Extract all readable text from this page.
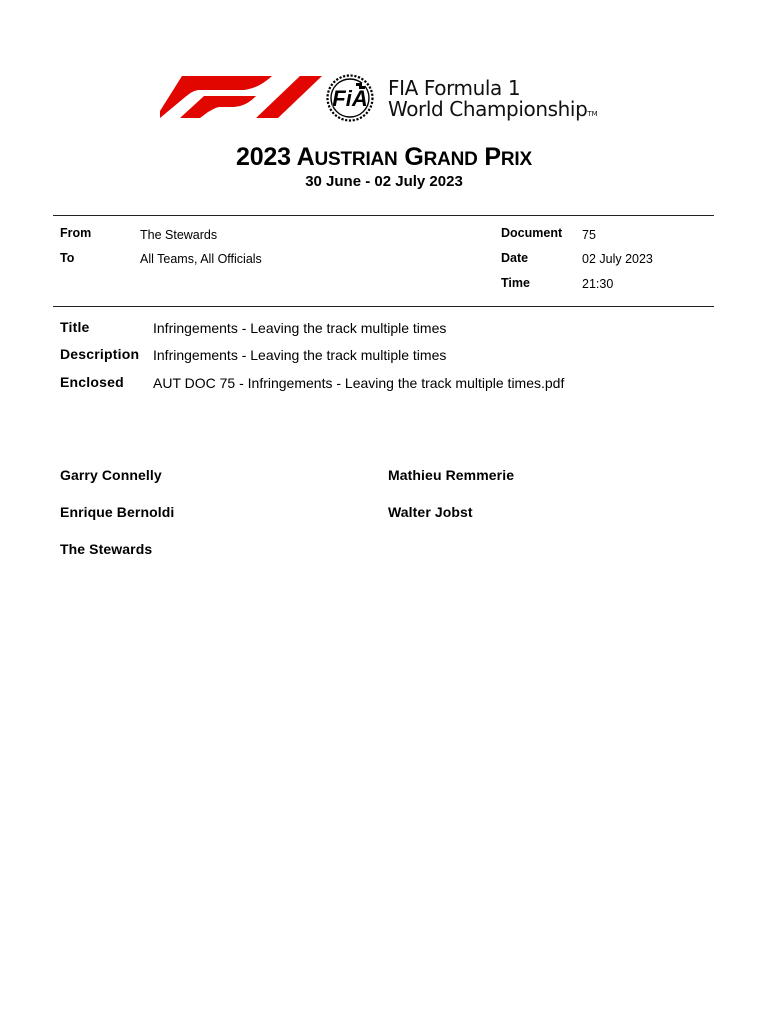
FiA FIA Formula 1
World ChampionshipTM
2023 AUSTRIAN GRAND PRIX
30 June - 02 July 2023
From	The Stewards
To	All Teams, All Officials
Document 75
Date	02 July 2023
Time	21:30
Title	Infringements - Leaving the track multiple times
Description Infringements - Leaving the track multiple times
Enclosed AUT DOC 75 - Infringements - Leaving the track multiple times.pdf
Garry Connelly	Mathieu Remmerie
Enrique Bernoldi	Walter Jobst
The Stewards
